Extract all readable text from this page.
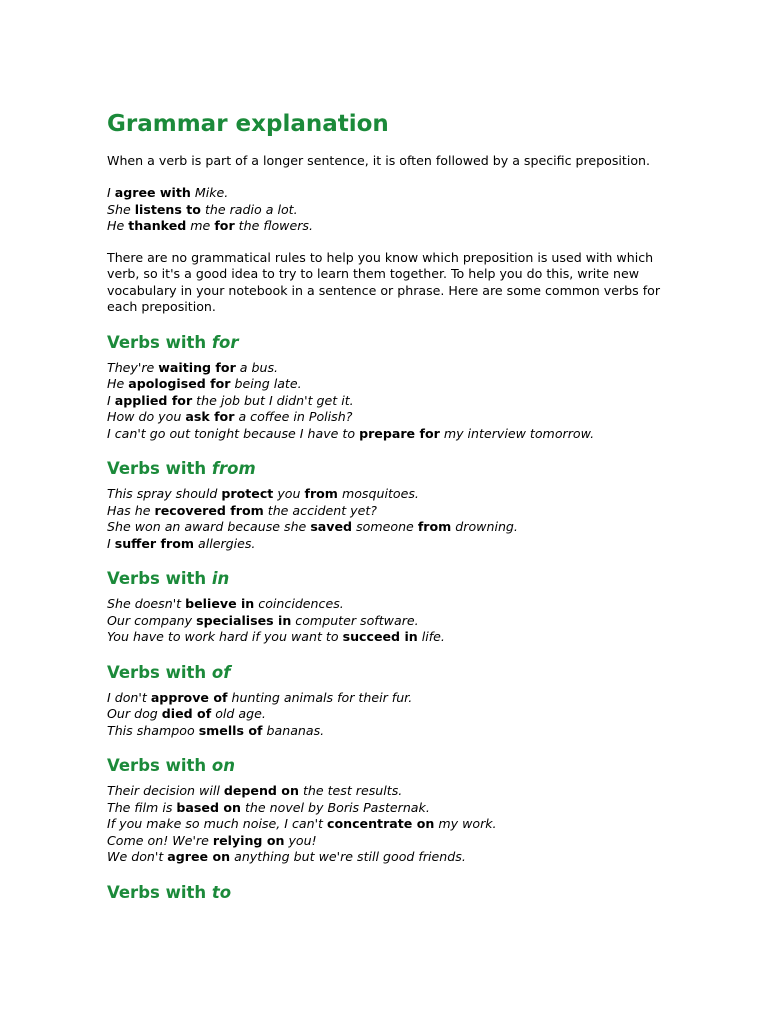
Grammar explanation

When a verb is part of a longer sentence, it is often followed by a specific preposition.

I agree with Mike.
She listens to the radio a lot.
He thanked me for the flowers.

There are no grammatical rules to help you know which preposition is used with which verb, so it's a good idea to try to learn them together. To help you do this, write new vocabulary in your notebook in a sentence or phrase. Here are some common verbs for each preposition.

Verbs with for
They're waiting for a bus.
He apologised for being late.
I applied for the job but I didn't get it.
How do you ask for a coffee in Polish?
I can't go out tonight because I have to prepare for my interview tomorrow.
Verbs with from
This spray should protect you from mosquitoes.
Has he recovered from the accident yet?
She won an award because she saved someone from drowning.
I suffer from allergies.
Verbs with in
She doesn't believe in coincidences.
Our company specialises in computer software.
You have to work hard if you want to succeed in life.
Verbs with of
I don't approve of hunting animals for their fur.
Our dog died of old age.
This shampoo smells of bananas.
Verbs with on
Their decision will depend on the test results.
The film is based on the novel by Boris Pasternak.
If you make so much noise, I can't concentrate on my work.
Come on! We're relying on you!
We don't agree on anything but we're still good friends.
Verbs with to
